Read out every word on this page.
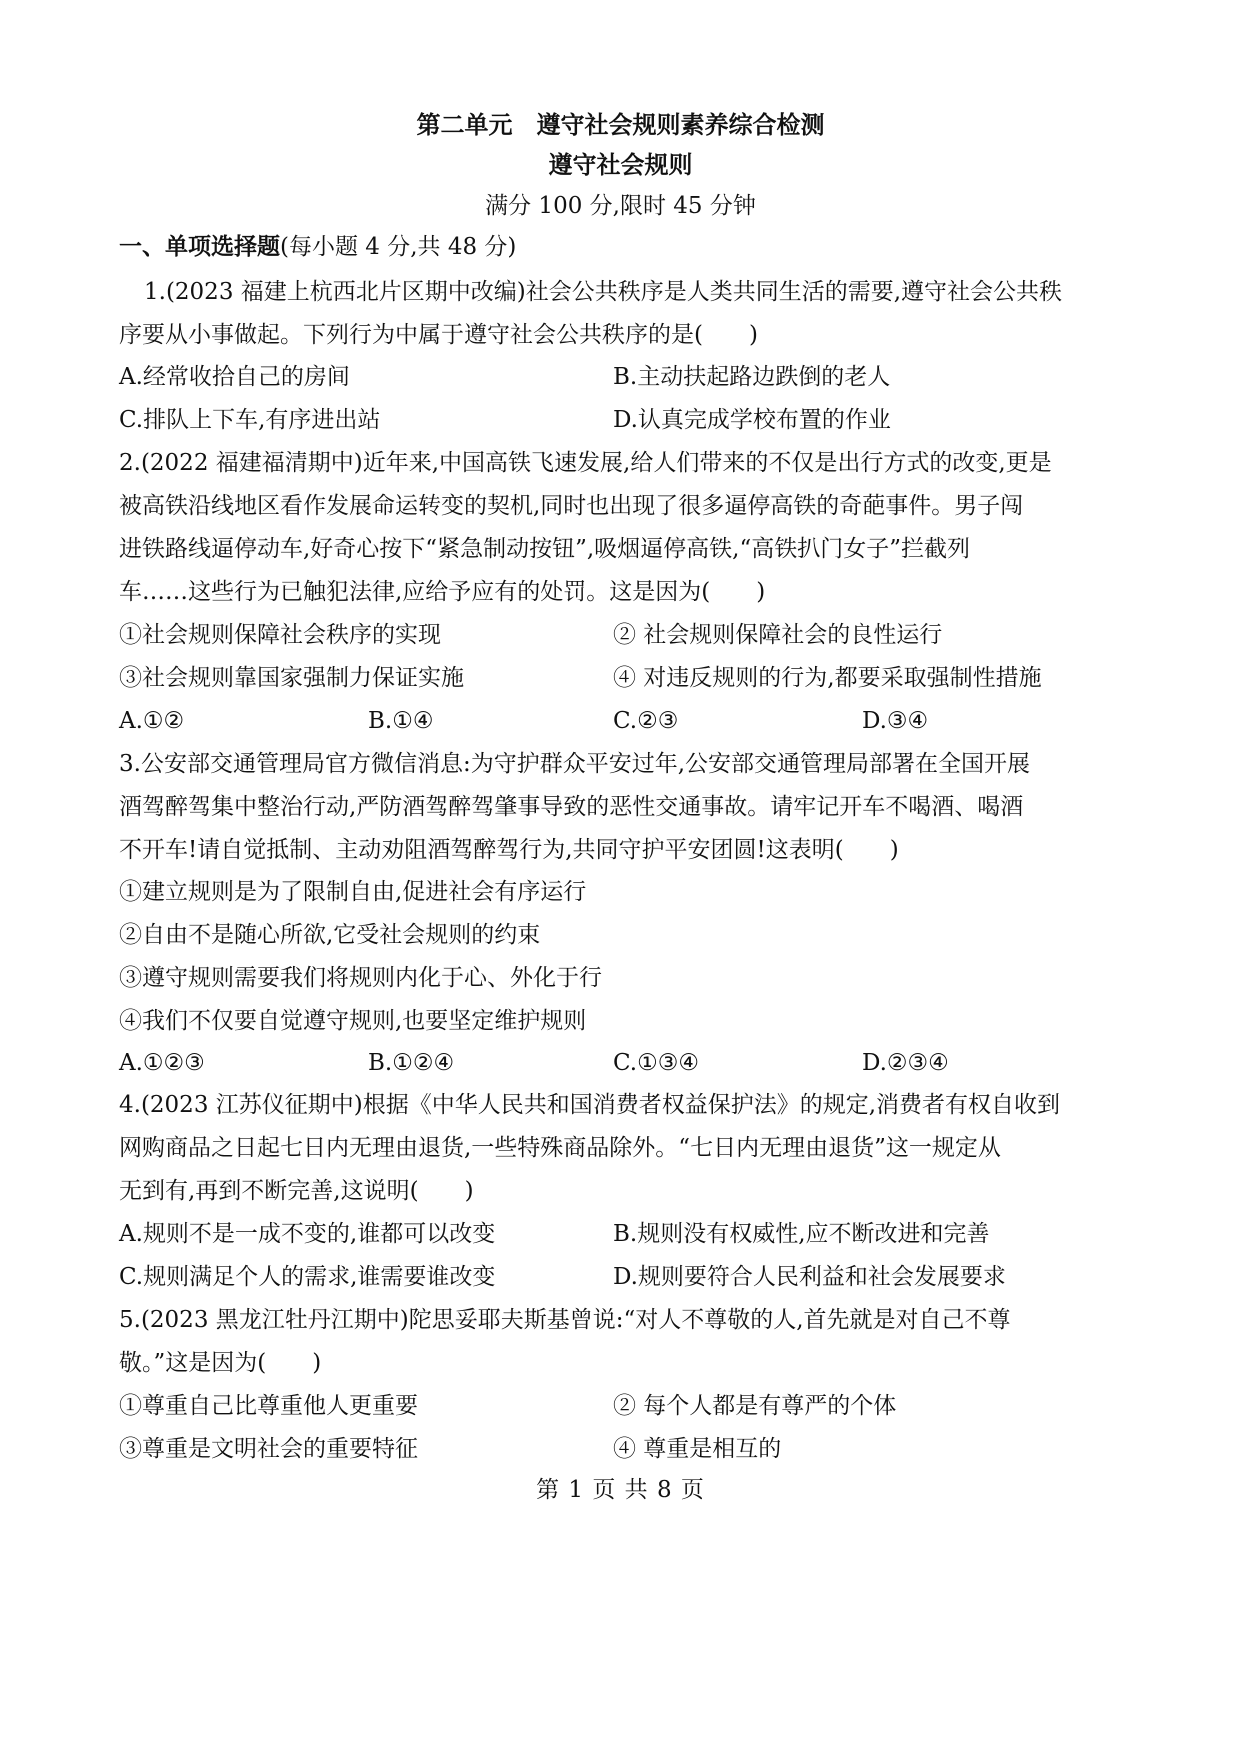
第二单元　遵守社会规则素养综合检测
遵守社会规则
满分 100 分,限时 45 分钟
一、单项选择题(每小题 4 分,共 48 分)
1.(2023 福建上杭西北片区期中改编)社会公共秩序是人类共同生活的需要,遵守社会公共秩
序要从小事做起。下列行为中属于遵守社会公共秩序的是(　　)
A.经常收拾自己的房间	B.主动扶起路边跌倒的老人
C.排队上下车,有序进出站	D.认真完成学校布置的作业
2.(2022 福建福清期中)近年来,中国高铁飞速发展,给人们带来的不仅是出行方式的改变,更是
被高铁沿线地区看作发展命运转变的契机,同时也出现了很多逼停高铁的奇葩事件。男子闯
进铁路线逼停动车,好奇心按下“紧急制动按钮”,吸烟逼停高铁,“高铁扒门女子”拦截列
车……这些行为已触犯法律,应给予应有的处罚。这是因为(　　)
①社会规则保障社会秩序的实现	② 社会规则保障社会的良性运行
③社会规则靠国家强制力保证实施	④ 对违反规则的行为,都要采取强制性措施
A.①②	B.①④	C.②③	D.③④
3.公安部交通管理局官方微信消息:为守护群众平安过年,公安部交通管理局部署在全国开展
酒驾醉驾集中整治行动,严防酒驾醉驾肇事导致的恶性交通事故。请牢记开车不喝酒、喝酒
不开车!请自觉抵制、主动劝阻酒驾醉驾行为,共同守护平安团圆!这表明(　　)
①建立规则是为了限制自由,促进社会有序运行
②自由不是随心所欲,它受社会规则的约束
③遵守规则需要我们将规则内化于心、外化于行
④我们不仅要自觉遵守规则,也要坚定维护规则
A.①②③	B.①②④	C.①③④	D.②③④
4.(2023 江苏仪征期中)根据《中华人民共和国消费者权益保护法》的规定,消费者有权自收到
网购商品之日起七日内无理由退货,一些特殊商品除外。“七日内无理由退货”这一规定从
无到有,再到不断完善,这说明(　　)
A.规则不是一成不变的,谁都可以改变	B.规则没有权威性,应不断改进和完善
C.规则满足个人的需求,谁需要谁改变	D.规则要符合人民利益和社会发展要求
5.(2023 黑龙江牡丹江期中)陀思妥耶夫斯基曾说:“对人不尊敬的人,首先就是对自己不尊
敬。”这是因为(　　)
①尊重自己比尊重他人更重要	② 每个人都是有尊严的个体
③尊重是文明社会的重要特征	④ 尊重是相互的
第 1 页 共 8 页
